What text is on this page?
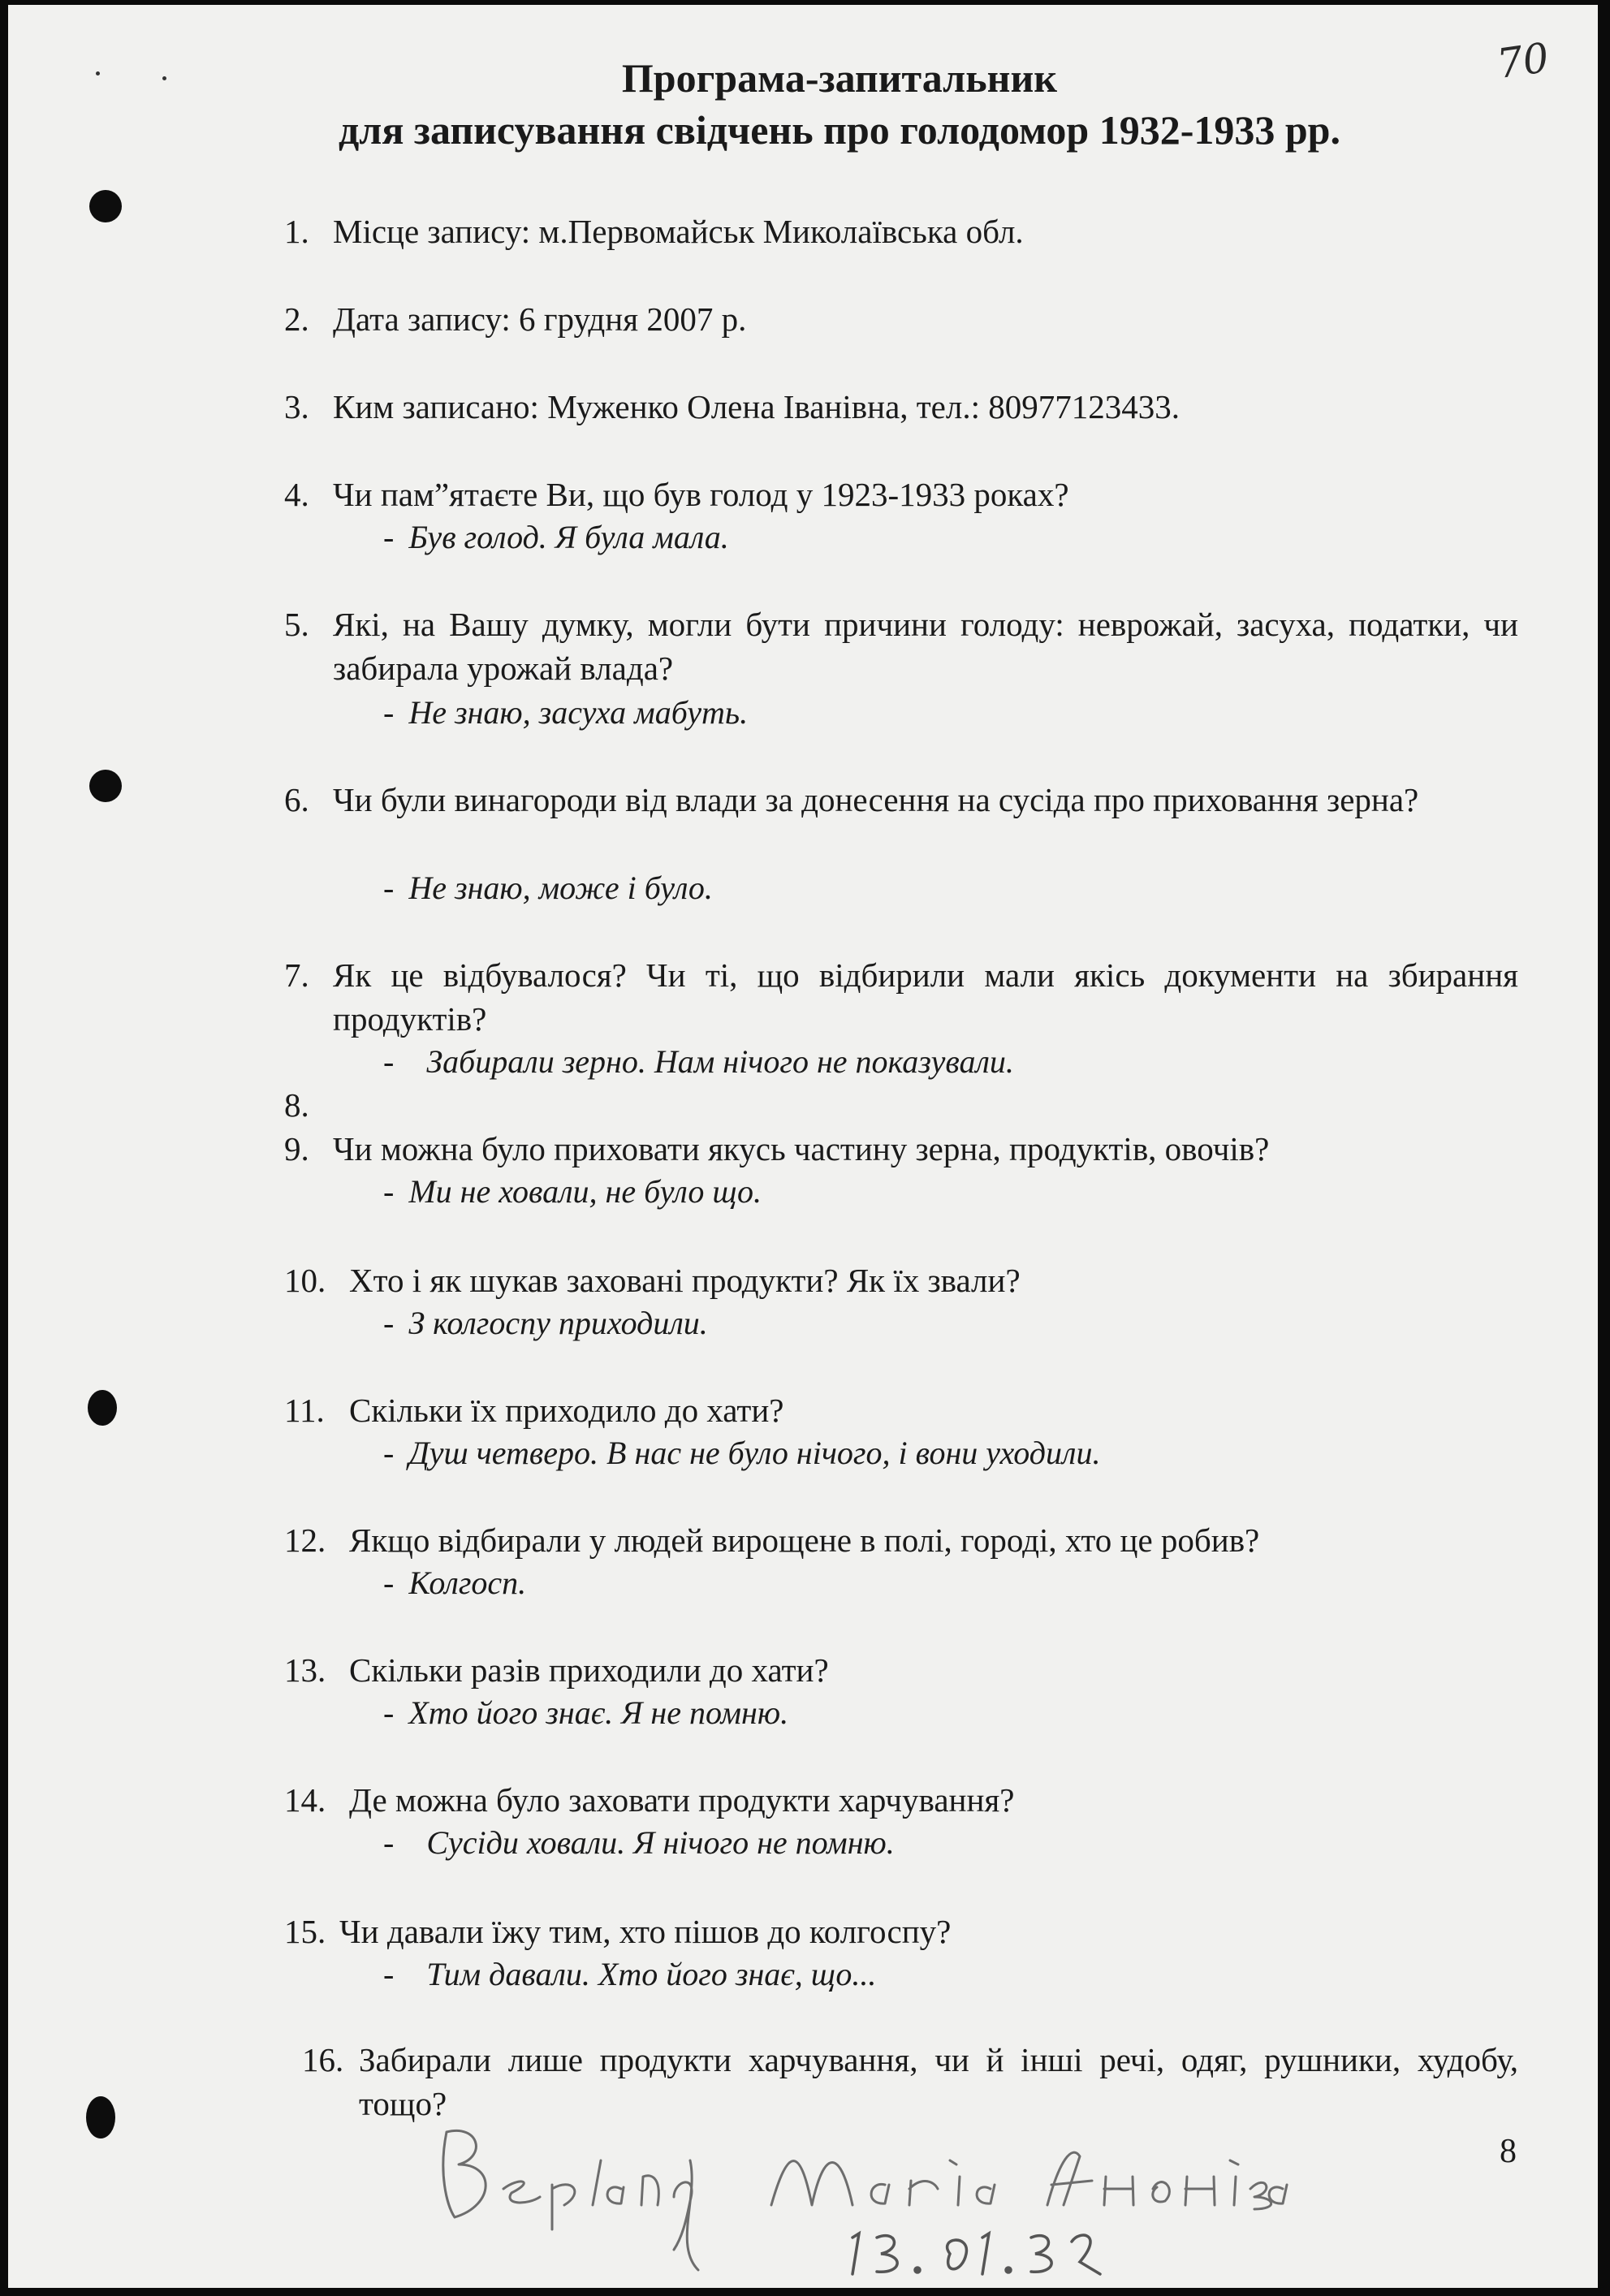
70
Програма-запитальник
для записування свідчень про голодомор 1932-1933 рр.
1. Місце запису: м.Первомайськ Миколаївська обл.
2. Дата запису: 6 грудня 2007 р.
3. Ким записано: Муженко Олена Іванівна, тел.: 80977123433.
4. Чи пам”ятаєте Ви, що був голод у 1923-1933 роках?
- Був голод. Я була мала.
5. Які, на Вашу думку, могли бути причини голоду: неврожай, засуха, податки, чи забирала урожай влада?
- Не знаю, засуха мабуть.
6. Чи були винагороди від влади за донесення на сусіда про приховання зерна?
- Не знаю, може і було.
7. Як це відбувалося? Чи ті, що відбирили мали якісь документи на збирання продуктів?
- Забирали зерно. Нам нічого не показували.
8.
9. Чи можна було приховати якусь частину зерна, продуктів, овочів?
- Ми не ховали, не було що.
10. Хто і як шукав заховані продукти? Як їх звали?
- З колгоспу приходили.
11. Скільки їх приходило до хати?
- Душ четверо. В нас не було нічого, і вони уходили.
12. Якщо відбирали у людей вирощене в полі, городі, хто це робив?
- Колгосп.
13. Скільки разів приходили до хати?
- Хто його знає. Я не помню.
14. Де можна було заховати продукти харчування?
- Сусіди ховали. Я нічого не помню.
15. Чи давали їжу тим, хто пішов до колгоспу?
- Тим давали. Хто його знає, що...
16. Забирали лише продукти харчування, чи й інші речі, одяг, рушники, худобу, тощо?
8
